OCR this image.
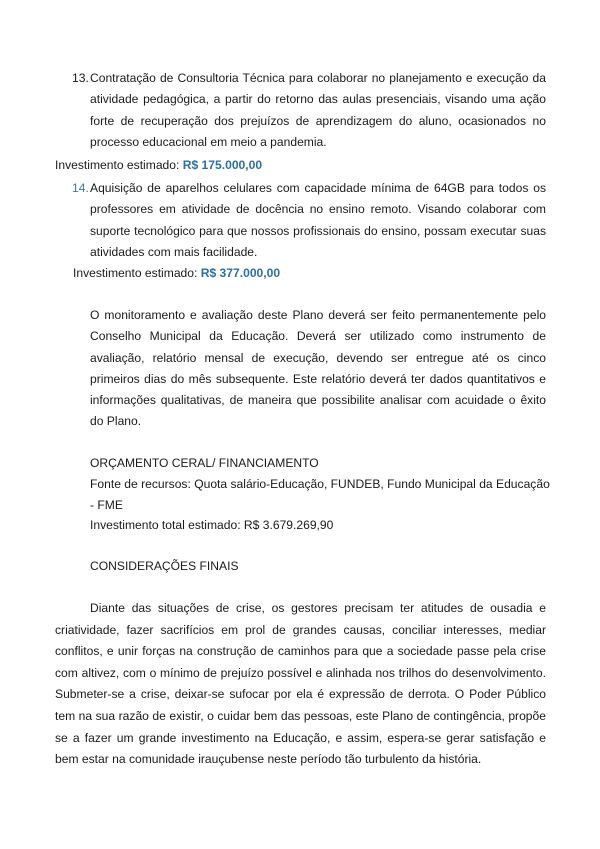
13. Contratação de Consultoria Técnica para colaborar no planejamento e execução da atividade pedagógica, a partir do retorno das aulas presenciais, visando uma ação forte de recuperação dos prejuízos de aprendizagem do aluno, ocasionados no processo educacional em meio a pandemia.
Investimento estimado: R$ 175.000,00
14. Aquisição de aparelhos celulares com capacidade mínima de 64GB para todos os professores em atividade de docência no ensino remoto. Visando colaborar com suporte tecnológico para que nossos profissionais do ensino, possam executar suas atividades com mais facilidade.
Investimento estimado: R$ 377.000,00
O monitoramento e avaliação deste Plano deverá ser feito permanentemente pelo Conselho Municipal da Educação. Deverá ser utilizado como instrumento de avaliação, relatório mensal de execução, devendo ser entregue até os cinco primeiros dias do mês subsequente. Este relatório deverá ter dados quantitativos e informações qualitativas, de maneira que possibilite analisar com acuidade o êxito do Plano.
ORÇAMENTO CERAL/ FINANCIAMENTO
Fonte de recursos: Quota salário-Educação, FUNDEB, Fundo Municipal da Educação
- FME
Investimento total estimado: R$ 3.679.269,90
CONSIDERAÇÕES FINAIS
Diante das situações de crise, os gestores precisam ter atitudes de ousadia e criatividade, fazer sacrifícios em prol de grandes causas, conciliar interesses, mediar conflitos, e unir forças na construção de caminhos para que a sociedade passe pela crise com altivez, com o mínimo de prejuízo possível e alinhada nos trilhos do desenvolvimento. Submeter-se a crise, deixar-se sufocar por ela é expressão de derrota. O Poder Público tem na sua razão de existir, o cuidar bem das pessoas, este Plano de contingência, propõe se a fazer um grande investimento na Educação, e assim, espera-se gerar satisfação e bem estar na comunidade irauçubense neste período tão turbulento da história.
